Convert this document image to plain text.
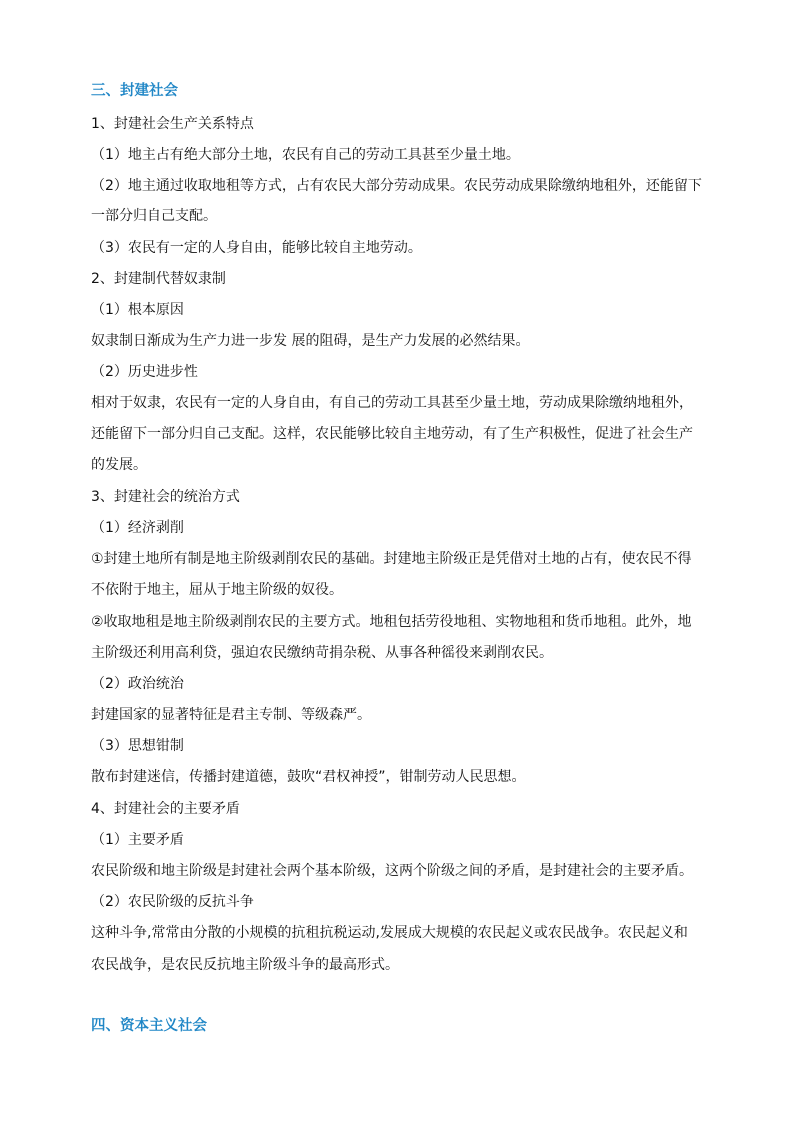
三、封建社会
1、封建社会生产关系特点
（1）地主占有绝大部分土地，农民有自己的劳动工具甚至少量土地。
（2）地主通过收取地租等方式，占有农民大部分劳动成果。农民劳动成果除缴纳地租外，还能留下
一部分归自己支配。
（3）农民有一定的人身自由，能够比较自主地劳动。
2、封建制代替奴隶制
（1）根本原因
奴隶制日渐成为生产力进一步发 展的阻碍，是生产力发展的必然结果。
（2）历史进步性
相对于奴隶，农民有一定的人身自由，有自己的劳动工具甚至少量土地，劳动成果除缴纳地租外，
还能留下一部分归自己支配。这样，农民能够比较自主地劳动，有了生产积极性，促进了社会生产
的发展。
3、封建社会的统治方式
（1）经济剥削
①封建土地所有制是地主阶级剥削农民的基础。封建地主阶级正是凭借对土地的占有，使农民不得
不依附于地主，屈从于地主阶级的奴役。
②收取地租是地主阶级剥削农民的主要方式。地租包括劳役地租、实物地租和货币地租。此外，地
主阶级还利用高利贷，强迫农民缴纳苛捐杂税、从事各种徭役来剥削农民。
（2）政治统治
封建国家的显著特征是君主专制、等级森严。
（3）思想钳制
散布封建迷信，传播封建道德，鼓吹“君权神授”，钳制劳动人民思想。
4、封建社会的主要矛盾
（1）主要矛盾
农民阶级和地主阶级是封建社会两个基本阶级，这两个阶级之间的矛盾，是封建社会的主要矛盾。
（2）农民阶级的反抗斗争
这种斗争,常常由分散的小规模的抗租抗税运动,发展成大规模的农民起义或农民战争。农民起义和
农民战争，是农民反抗地主阶级斗争的最高形式。
四、资本主义社会
